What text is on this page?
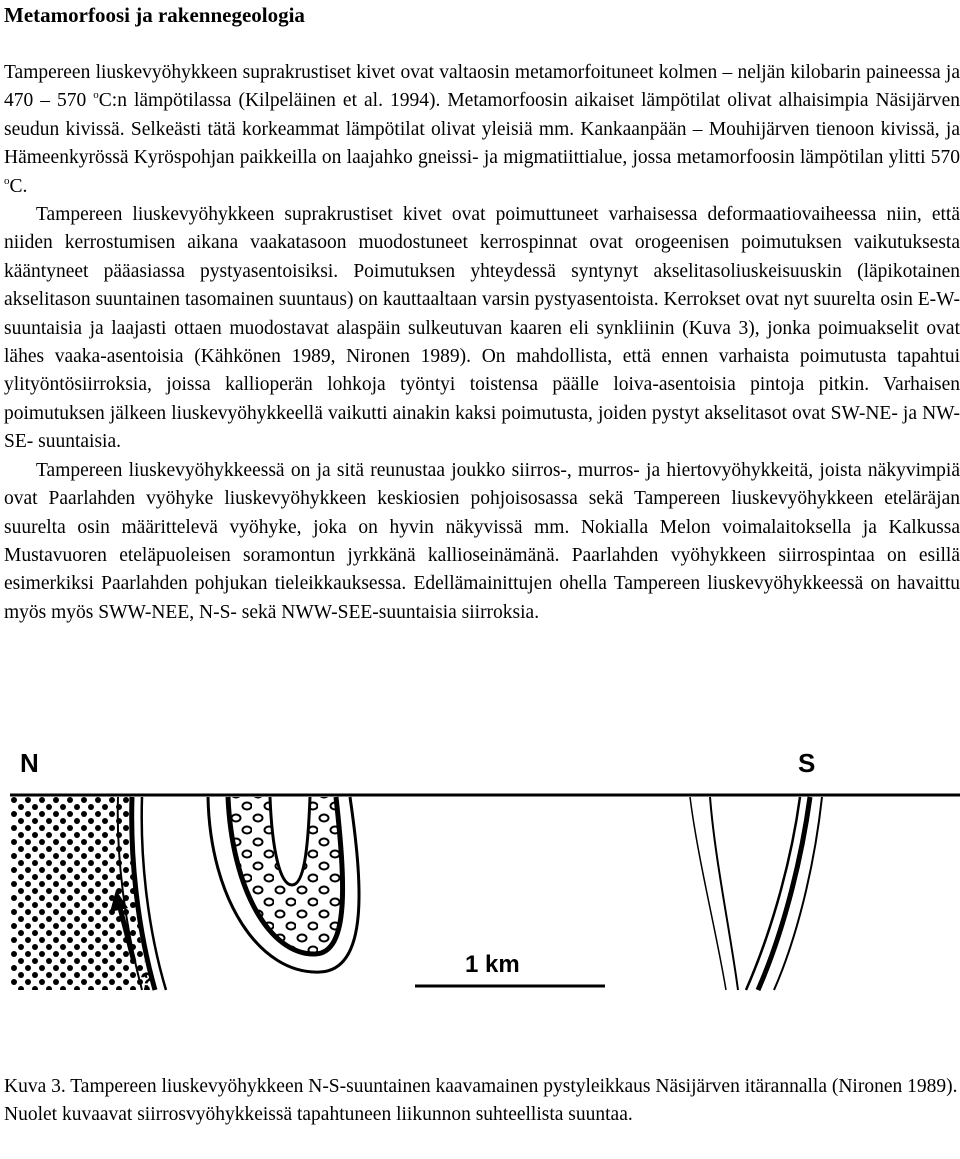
Metamorfoosi ja rakennegeologia

Tampereen liuskevyöhykkeen suprakrustiset kivet ovat valtaosin metamorfoituneet kolmen – neljän kilobarin paineessa ja 470 – 570 $^o$C:n lämpötilassa (Kilpeläinen et al. 1994). Metamorfoosin aikaiset lämpötilat olivat alhaisimpia Näsijärven seudun kivissä. Selkeästi tätä korkeammat lämpötilat olivat yleisiä mm. Kankaanpään – Mouhijärven tienoon kivissä, ja Hämeenkyrössä Kyröspohjan paikkeilla on laajahko gneissi- ja migmatiittialue, jossa metamorfoosin lämpötilan ylitti 570 $^o$C.

Tampereen liuskevyöhykkeen suprakrustiset kivet ovat poimuttuneet varhaisessa deformaatiovaiheessa niin, että niiden kerrostumisen aikana vaakatasoon muodostuneet kerrospinnat ovat orogeenisen poimutuksen vaikutuksesta kääntyneet pääasiassa pystyasentoisiksi. Poimutuksen yhteydessä syntynyt akselitasoliuskeisuuskin (läpikotainen akselitason suuntainen tasomainen suuntaus) on kauttaaltaan varsin pystyasentoista. Kerrokset ovat nyt suurelta osin E-W-suuntaisia ja laajasti ottaen muodostavat alaspäin sulkeutuvan kaaren eli synkliinin (Kuva 3), jonka poimuakselit ovat lähes vaaka-asentoisia (Kähkönen 1989, Nironen 1989). On mahdollista, että ennen varhaista poimutusta tapahtui ylityöntösiirroksia, joissa kallioperän lohkoja työntyi toistensa päälle loiva-asentoisia pintoja pitkin. Varhaisen poimutuksen jälkeen liuskevyöhykkeellä vaikutti ainakin kaksi poimutusta, joiden pystyt akselitasot ovat SW-NE- ja NW-SE- suuntaisia.

Tampereen liuskevyöhykkeessä on ja sitä reunustaa joukko siirros-, murros- ja hiertovyöhykkeitä, joista näkyvimpiä ovat Paarlahden vyöhyke liuskevyöhykkeen keskiosien pohjoisosassa sekä Tampereen liuskevyöhykkeen eteläräjan suurelta osin määrittelevä vyöhyke, joka on hyvin näkyvissä mm. Nokialla Melon voimalaitoksella ja Kalkussa Mustavuoren eteläpuoleisen soramontun jyrkkänä kallioseinämänä. Paarlahden vyöhykkeen siirrospintaa on esillä esimerkiksi Paarlahden pohjukan tieleikkauksessa. Edellämainittujen ohella Tampereen liuskevyöhykkeessä on havaittu myös myös SWW-NEE, N-S- sekä NWW-SEE-suuntaisia siirroksia.

N	S
?
1 km
Kuva 3. Tampereen liuskevyöhykkeen N-S-suuntainen kaavamainen pystyleikkaus Näsijärven itärannalla (Nironen 1989). Nuolet kuvaavat siirrosvyöhykkeissä tapahtuneen liikunnon suhteellista suuntaa.
